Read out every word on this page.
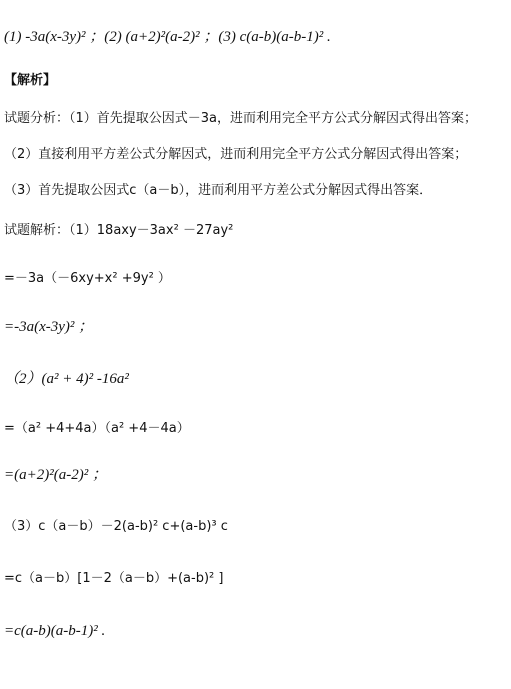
(1) -3a(x-3y)² ；(2) (a+2)²(a-2)² ；(3) c(a-b)(a-b-1)² .
【解析】
试题分析：（1）首先提取公因式－3a，进而利用完全平方公式分解因式得出答案；
（2）直接利用平方差公式分解因式，进而利用完全平方公式分解因式得出答案；
（3）首先提取公因式c（a－b），进而利用平方差公式分解因式得出答案．
试题解析：（1）18axy－3ax² －27ay²
=－3a（－6xy+x² +9y² ）
=-3a(x-3y)² ；
（2）(a² + 4)² -16a²
=（a² +4+4a）（a² +4－4a）
=(a+2)²(a-2)² ；
（3）c（a－b）－2(a-b)² c+(a-b)³ c
=c（a－b）[1－2（a－b）+(a-b)² ]
=c(a-b)(a-b-1)² .
